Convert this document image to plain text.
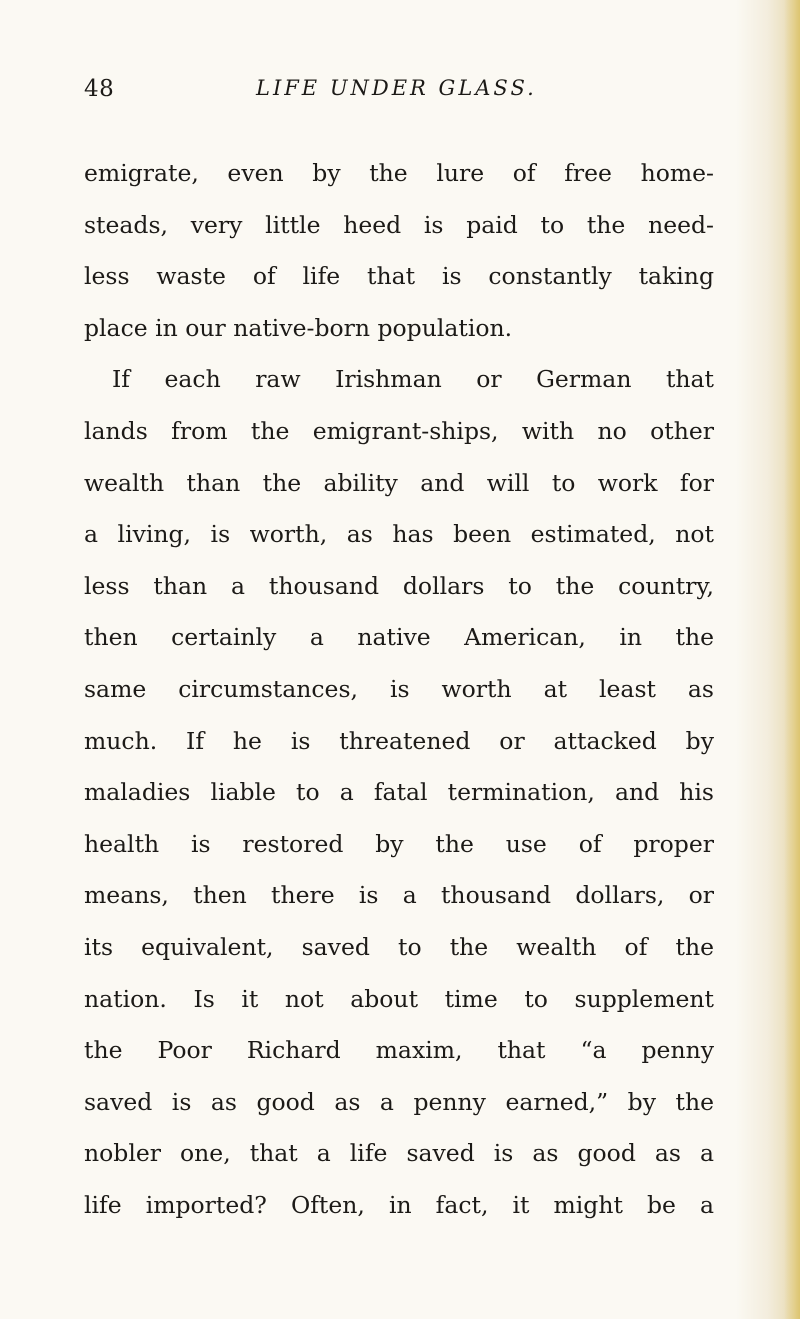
48	LIFE UNDER GLASS.
emigrate, even by the lure of free home-
steads, very little heed is paid to the need-
less waste of life that is constantly taking
place in our native-born population.
If each raw Irishman or German that
lands from the emigrant-ships, with no other
wealth than the ability and will to work for
a living, is worth, as has been estimated, not
less than a thousand dollars to the country,
then certainly a native American, in the
same circumstances, is worth at least as
much. If he is threatened or attacked by
maladies liable to a fatal termination, and his
health is restored by the use of proper
means, then there is a thousand dollars, or
its equivalent, saved to the wealth of the
nation. Is it not about time to supplement
the Poor Richard maxim, that “a penny
saved is as good as a penny earned,” by the
nobler one, that a life saved is as good as a
life imported? Often, in fact, it might be a
